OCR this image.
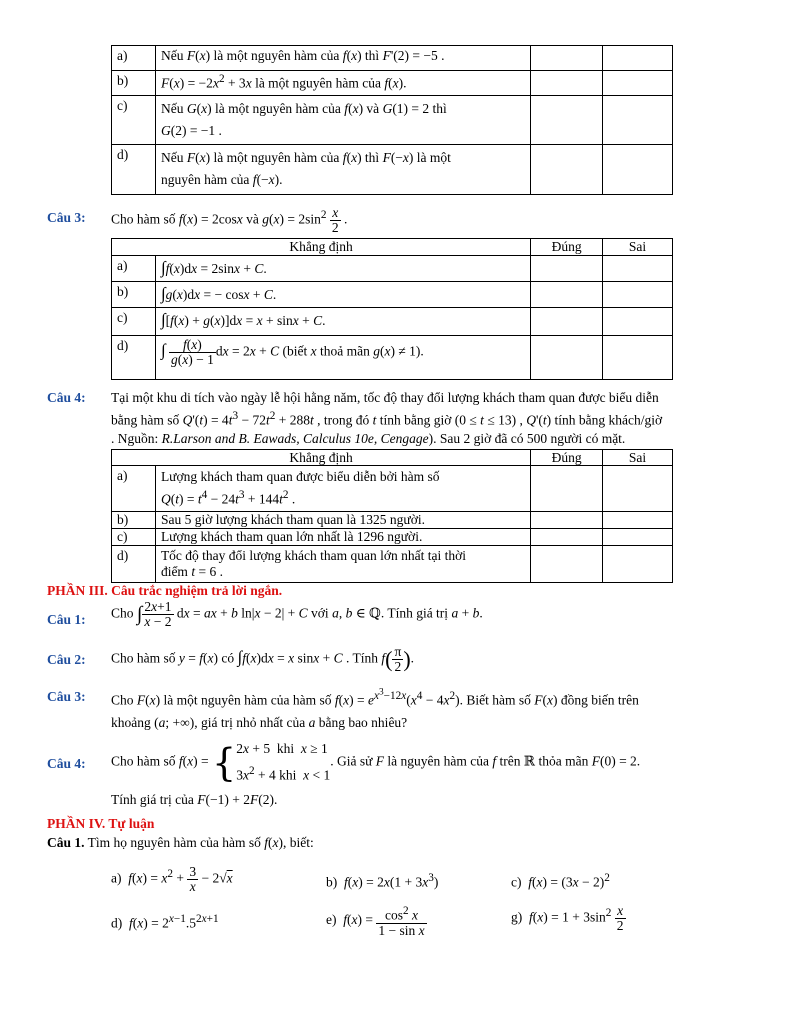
a)	Nếu F(x) là một nguyên hàm của f(x) thì F'(2) = −5 .		
b)	$F(x) = -2x^2 + 3x$ là một nguyên hàm của f(x).		
c)	Nếu G(x) là một nguyên hàm của f(x) và G(1) = 2 thì
G(2) = −1 .		
d)	Nếu F(x) là một nguyên hàm của f(x) thì F(−x) là một
nguyên hàm của f(−x).		
Câu 3: Cho hàm số f(x) = 2cosx và $g(x) = 2\sin^2 \frac{x}{2}$ .
Khẳng định		Đúng	Sai
a)	∫f(x)dx = 2sinx + C.		
b)	∫g(x)dx = − cosx + C.		
c)	∫[f(x) + g(x)]dx = x + sinx + C.		
d)	∫ $\frac{f(x)}{g(x) - 1}$ dx = 2x + C (biết x thoả mãn g(x) ≠ 1).		
Câu 4: Tại một khu di tích vào ngày lễ hội hằng năm, tốc độ thay đổi lượng khách tham quan được biểu diễn
bằng hàm số $Q'(t) = 4t^3 - 72t^2 + 288t$ , trong đó t tính bằng giờ (0 ≤ t ≤ 13) , Q'(t) tính bằng khách/giờ
. Nguồn: R.Larson and B. Eawads, Calculus 10e, Cengage). Sau 2 giờ đã có 500 người có mặt.
Khẳng định		Đúng	Sai
a)	Lượng khách tham quan được biểu diễn bởi hàm số
$Q(t) = t^4 - 24t^3 + 144t^2$ .		
b)	Sau 5 giờ lượng khách tham quan là 1325 người.		
c)	Lượng khách tham quan lớn nhất là 1296 người.		
d)	Tốc độ thay đổi lượng khách tham quan lớn nhất tại thời
điểm t = 6 .		
PHẦN III. Câu trắc nghiệm trả lời ngắn.
Câu 1: Cho ∫ $\frac{2x+1}{x - 2}$ dx = ax + b ln|x − 2| + C với a, b ∈ ℚ. Tính giá trị a + b.
Câu 2: Cho hàm số y = f(x) có ∫f(x)dx = x sinx + C . Tính $f( \frac{\pi}{2}$ ).
Câu 3: Cho F(x) là một nguyên hàm của hàm số $f(x) = e^{x^3-12x}(x^4 - 4x^2)$. Biết hàm số F(x) đồng biến trên
khoảng (a; +∞), giá trị nhỏ nhất của a bằng bao nhiêu?
Câu 4: Cho hàm số f(x) = {2x + 5  khi  x ≥ 1
$3x^2 + 4$ khi  x < 1. Giả sử F là nguyên hàm của f trên ℝ thỏa mãn F(0) = 2.
Tính giá trị của F(−1) + 2F(2).
PHẦN IV. Tự luận
Câu 1. Tìm họ nguyên hàm của hàm số f(x), biết:
a)  $f(x) = x^2 + \frac{3}{x} - 2√x$	b)  $f(x) = 2x(1 + 3x^3)$	c)  $f(x) = (3x - 2)^2$
d)  $f(x) = 2^{x-1}.5^{2x+1}$	e)  $f(x) = \frac{\cos^2 x}{\text{1 − sin x}}$	g)  $f(x) = 1 + 3\sin^2 \frac{x}{2}$
